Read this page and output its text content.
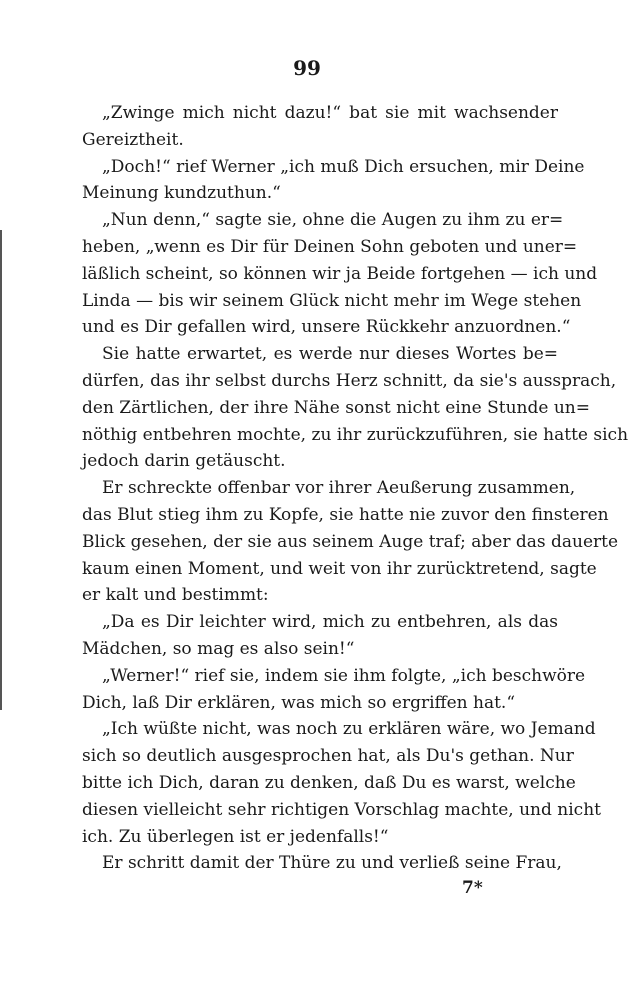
99
„Zwinge mich nicht dazu!“ bat sie mit wachsender
Gereiztheit.
„Doch!“ rief Werner „ich muß Dich ersuchen, mir Deine
Meinung kundzuthun.“
„Nun denn,“ sagte sie, ohne die Augen zu ihm zu er=
heben, „wenn es Dir für Deinen Sohn geboten und uner=
läßlich scheint, so können wir ja Beide fortgehen — ich und
Linda — bis wir seinem Glück nicht mehr im Wege stehen
und es Dir gefallen wird, unsere Rückkehr anzuordnen.“
Sie hatte erwartet, es werde nur dieses Wortes be=
dürfen, das ihr selbst durchs Herz schnitt, da sie's aussprach,
den Zärtlichen, der ihre Nähe sonst nicht eine Stunde un=
nöthig entbehren mochte, zu ihr zurückzuführen, sie hatte sich
jedoch darin getäuscht.
Er schreckte offenbar vor ihrer Aeußerung zusammen,
das Blut stieg ihm zu Kopfe, sie hatte nie zuvor den finsteren
Blick gesehen, der sie aus seinem Auge traf; aber das dauerte
kaum einen Moment, und weit von ihr zurücktretend, sagte
er kalt und bestimmt:
„Da es Dir leichter wird, mich zu entbehren, als das
Mädchen, so mag es also sein!“
„Werner!“ rief sie, indem sie ihm folgte, „ich beschwöre
Dich, laß Dir erklären, was mich so ergriffen hat.“
„Ich wüßte nicht, was noch zu erklären wäre, wo Jemand
sich so deutlich ausgesprochen hat, als Du's gethan. Nur
bitte ich Dich, daran zu denken, daß Du es warst, welche
diesen vielleicht sehr richtigen Vorschlag machte, und nicht
ich. Zu überlegen ist er jedenfalls!“
Er schritt damit der Thüre zu und verließ seine Frau,
7*
